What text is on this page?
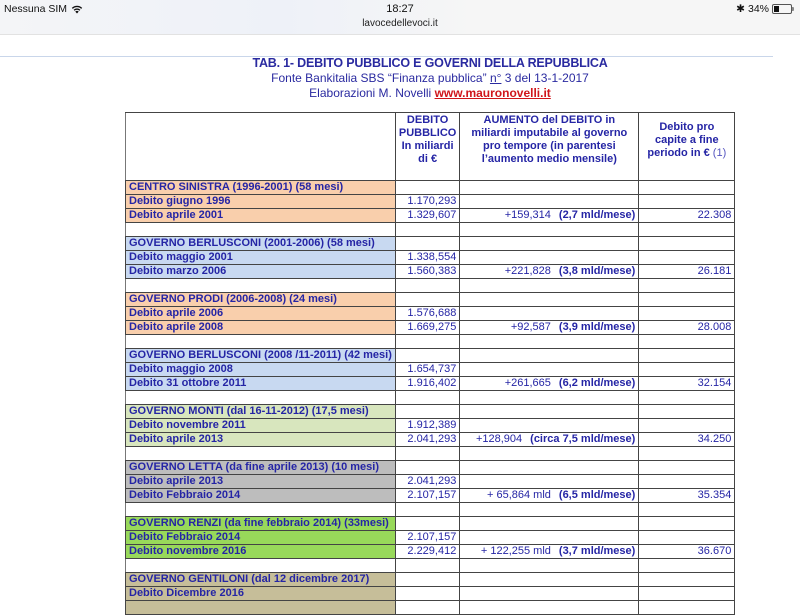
Nessuna SIM	18:27
lavocedellevoci.it
✱ 34%
TAB. 1- DEBITO PUBBLICO E GOVERNI DELLA REPUBBLICA
Fonte Bankitalia SBS “Finanza pubblica” n° 3 del 13-1-2017
Elaborazioni M. Novelli www.mauronovelli.it
	DEBITO PUBBLICO In miliardi di €	AUMENTO del DEBITO in miliardi imputabile al governo pro tempore (in parentesi l’aumento medio mensile)	Debito pro capite a fine periodo in € (1)
CENTRO SINISTRA (1996-2001) (58 mesi)			
Debito giugno 1996	1.170,293		
Debito aprile 2001	1.329,607	+159,314 (2,7 mld/mese)	22.308

GOVERNO BERLUSCONI (2001-2006) (58 mesi)			
Debito maggio 2001	1.338,554		
Debito marzo 2006	1.560,383	+221,828 (3,8 mld/mese)	26.181

GOVERNO PRODI (2006-2008) (24 mesi)			
Debito aprile 2006	1.576,688		
Debito aprile 2008	1.669,275	+92,587 (3,9 mld/mese)	28.008

GOVERNO BERLUSCONI (2008 /11-2011) (42 mesi)			
Debito maggio 2008	1.654,737		
Debito 31 ottobre 2011	1.916,402	+261,665 (6,2 mld/mese)	32.154

GOVERNO MONTI (dal 16-11-2012) (17,5 mesi)			
Debito novembre 2011	1.912,389		
Debito aprile 2013	2.041,293	+128,904 (circa 7,5 mld/mese)	34.250

GOVERNO LETTA (da fine aprile 2013) (10 mesi)			
Debito aprile 2013	2.041,293		
Debito Febbraio 2014	2.107,157	+ 65,864 mld (6,5 mld/mese)	35.354

GOVERNO RENZI (da fine febbraio 2014) (33mesi)			
Debito Febbraio 2014	2.107,157		
Debito novembre 2016	2.229,412	+ 122,255 mld (3,7 mld/mese)	36.670

GOVERNO GENTILONI (dal 12 dicembre 2017)			
Debito Dicembre 2016			
